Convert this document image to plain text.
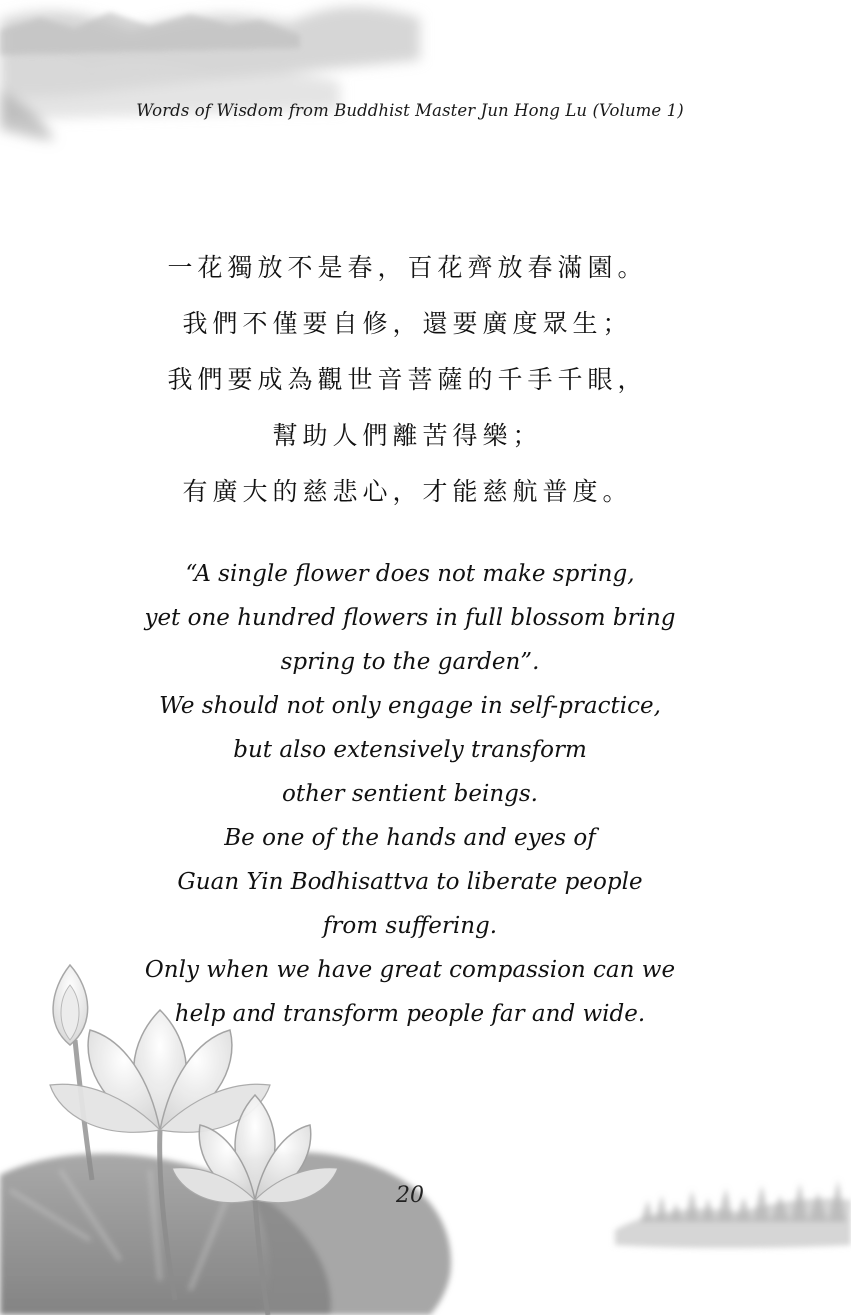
Words of Wisdom from Buddhist Master Jun Hong Lu (Volume 1)
一花獨放不是春，百花齊放春滿園。
我們不僅要自修，還要廣度眾生；
我們要成為觀世音菩薩的千手千眼，
幫助人們離苦得樂；
有廣大的慈悲心，才能慈航普度。
“A single flower does not make spring,
yet one hundred flowers in full blossom bring
spring to the garden”.
We should not only engage in self-practice,
but also extensively transform
other sentient beings.
Be one of the hands and eyes of
Guan Yin Bodhisattva to liberate people
from suffering.
Only when we have great compassion can we
help and transform people far and wide.
20
